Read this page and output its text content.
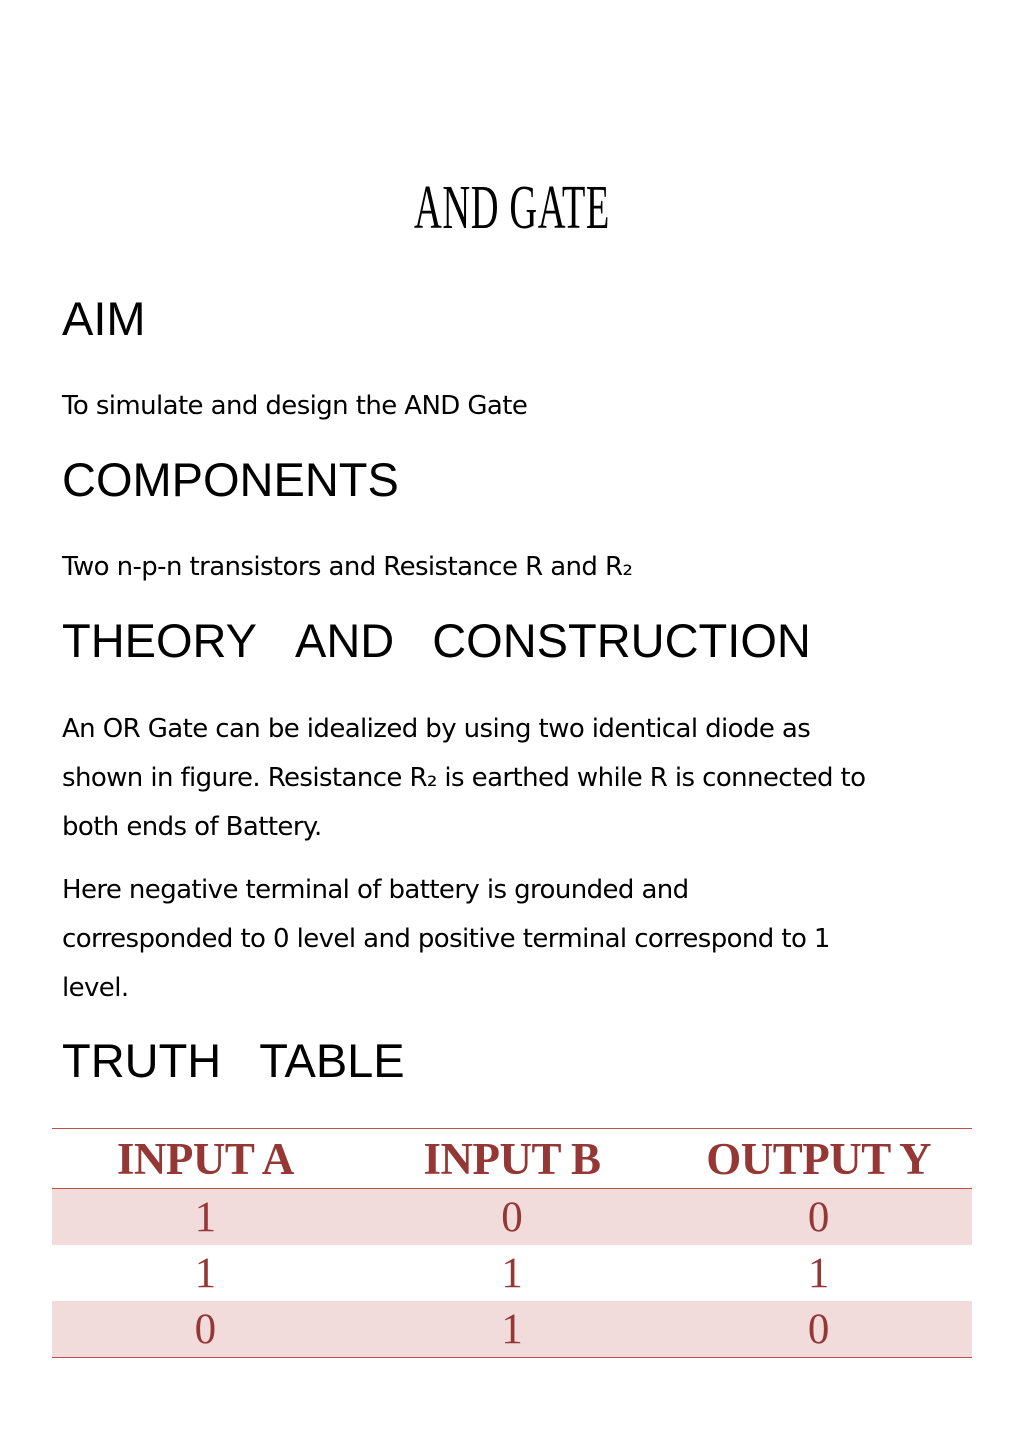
AND GATE
AIM
To simulate and design the AND Gate
COMPONENTS
Two n-p-n transistors and Resistance R and R₂
THEORY AND CONSTRUCTION
An OR Gate can be idealized by using two identical diode as
shown in figure. Resistance R₂ is earthed while R is connected to
both ends of Battery.
Here negative terminal of battery is grounded and
corresponded to 0 level and positive terminal correspond to 1
level.
TRUTH TABLE
INPUT A	INPUT B	OUTPUT Y
1	0	0
1	1	1
0	1	0
